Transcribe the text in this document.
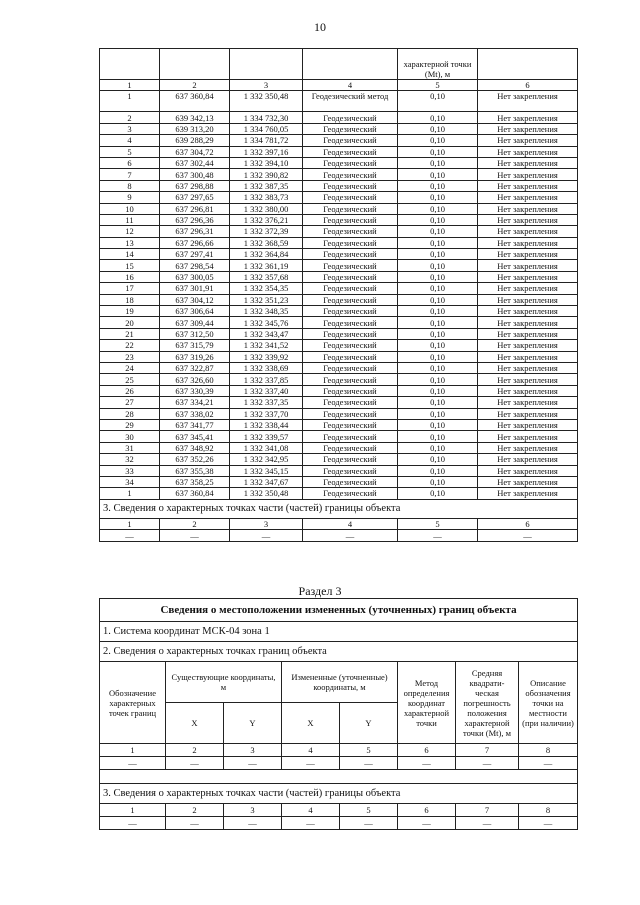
10
				характерной точки (Mt), м	
1	2	3	4	5	6
1	637 360,84	1 332 350,48	Геодезический метод	0,10	Нет закрепления
2	639 342,13	1 334 732,30	Геодезический	0,10	Нет закрепления
3	639 313,20	1 334 760,05	Геодезический	0,10	Нет закрепления
4	639 288,29	1 334 781,72	Геодезический	0,10	Нет закрепления
5	637 304,72	1 332 397,16	Геодезический	0,10	Нет закрепления
6	637 302,44	1 332 394,10	Геодезический	0,10	Нет закрепления
7	637 300,48	1 332 390,82	Геодезический	0,10	Нет закрепления
8	637 298,88	1 332 387,35	Геодезический	0,10	Нет закрепления
9	637 297,65	1 332 383,73	Геодезический	0,10	Нет закрепления
10	637 296,81	1 332 380,00	Геодезический	0,10	Нет закрепления
11	637 296,36	1 332 376,21	Геодезический	0,10	Нет закрепления
12	637 296,31	1 332 372,39	Геодезический	0,10	Нет закрепления
13	637 296,66	1 332 368,59	Геодезический	0,10	Нет закрепления
14	637 297,41	1 332 364,84	Геодезический	0,10	Нет закрепления
15	637 298,54	1 332 361,19	Геодезический	0,10	Нет закрепления
16	637 300,05	1 332 357,68	Геодезический	0,10	Нет закрепления
17	637 301,91	1 332 354,35	Геодезический	0,10	Нет закрепления
18	637 304,12	1 332 351,23	Геодезический	0,10	Нет закрепления
19	637 306,64	1 332 348,35	Геодезический	0,10	Нет закрепления
20	637 309,44	1 332 345,76	Геодезический	0,10	Нет закрепления
21	637 312,50	1 332 343,47	Геодезический	0,10	Нет закрепления
22	637 315,79	1 332 341,52	Геодезический	0,10	Нет закрепления
23	637 319,26	1 332 339,92	Геодезический	0,10	Нет закрепления
24	637 322,87	1 332 338,69	Геодезический	0,10	Нет закрепления
25	637 326,60	1 332 337,85	Геодезический	0,10	Нет закрепления
26	637 330,39	1 332 337,40	Геодезический	0,10	Нет закрепления
27	637 334,21	1 332 337,35	Геодезический	0,10	Нет закрепления
28	637 338,02	1 332 337,70	Геодезический	0,10	Нет закрепления
29	637 341,77	1 332 338,44	Геодезический	0,10	Нет закрепления
30	637 345,41	1 332 339,57	Геодезический	0,10	Нет закрепления
31	637 348,92	1 332 341,08	Геодезический	0,10	Нет закрепления
32	637 352,26	1 332 342,95	Геодезический	0,10	Нет закрепления
33	637 355,38	1 332 345,15	Геодезический	0,10	Нет закрепления
34	637 358,25	1 332 347,67	Геодезический	0,10	Нет закрепления
1	637 360,84	1 332 350,48	Геодезический	0,10	Нет закрепления
3. Сведения о характерных точках части (частей) границы объекта					
1	2	3	4	5	6
—	—	—	—	—	—
Раздел 3
Сведения о местоположении измененных (уточненных) границ объекта							
1. Система координат МСК-04 зона 1							
2. Сведения о характерных точках границ объекта							
Обозначение характерных точек границ	Существующие координаты, м		Измененные (уточненные) координаты, м		Метод определения координат характерной точки	Средняя квадрати-ческая погрешность положения характерной точки (Mt), м	Описание обозначения точки на местности (при наличии)
	X	Y	X	Y			
1	2	3	4	5	6	7	8
—	—	—	—	—	—	—	—

3. Сведения о характерных точках части (частей) границы объекта							
1	2	3	4	5	6	7	8
—	—	—	—	—	—	—	—
